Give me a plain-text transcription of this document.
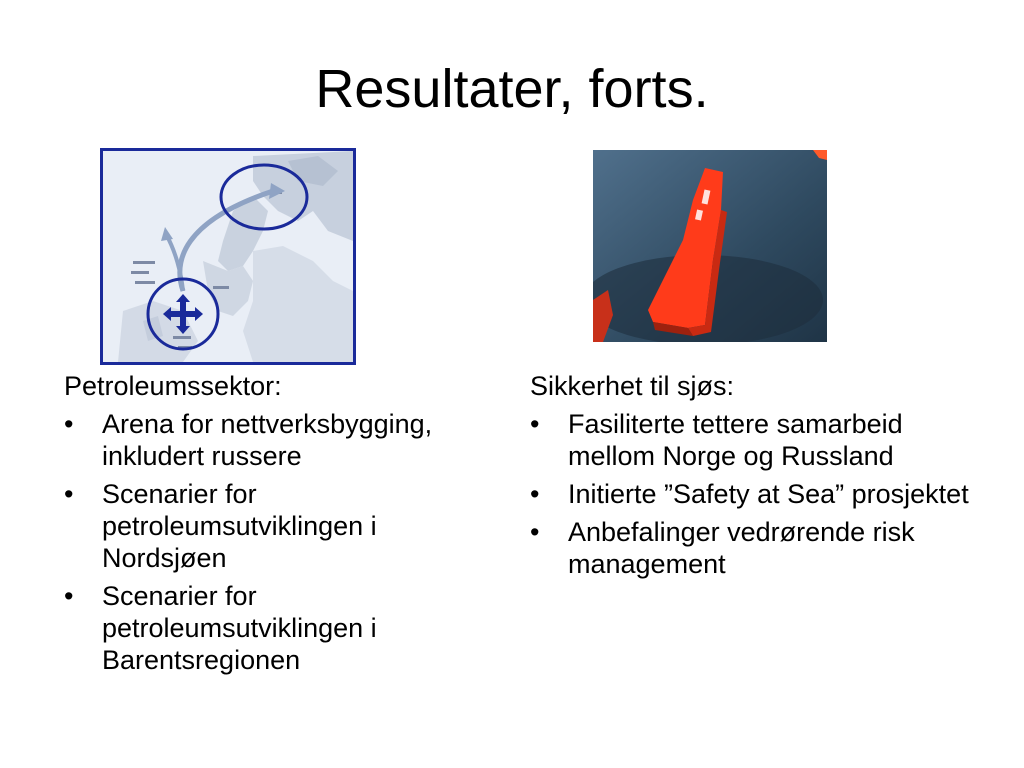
Resultater, forts.
Petroleumssektor:
• Arena for nettverksbygging, inkludert russere
• Scenarier for petroleumsutviklingen i Nordsjøen
• Scenarier for petroleumsutviklingen i Barentsregionen
Sikkerhet til sjøs:
• Fasiliterte tettere samarbeid mellom Norge og Russland
• Initierte ”Safety at Sea” prosjektet
• Anbefalinger vedrørende risk management
